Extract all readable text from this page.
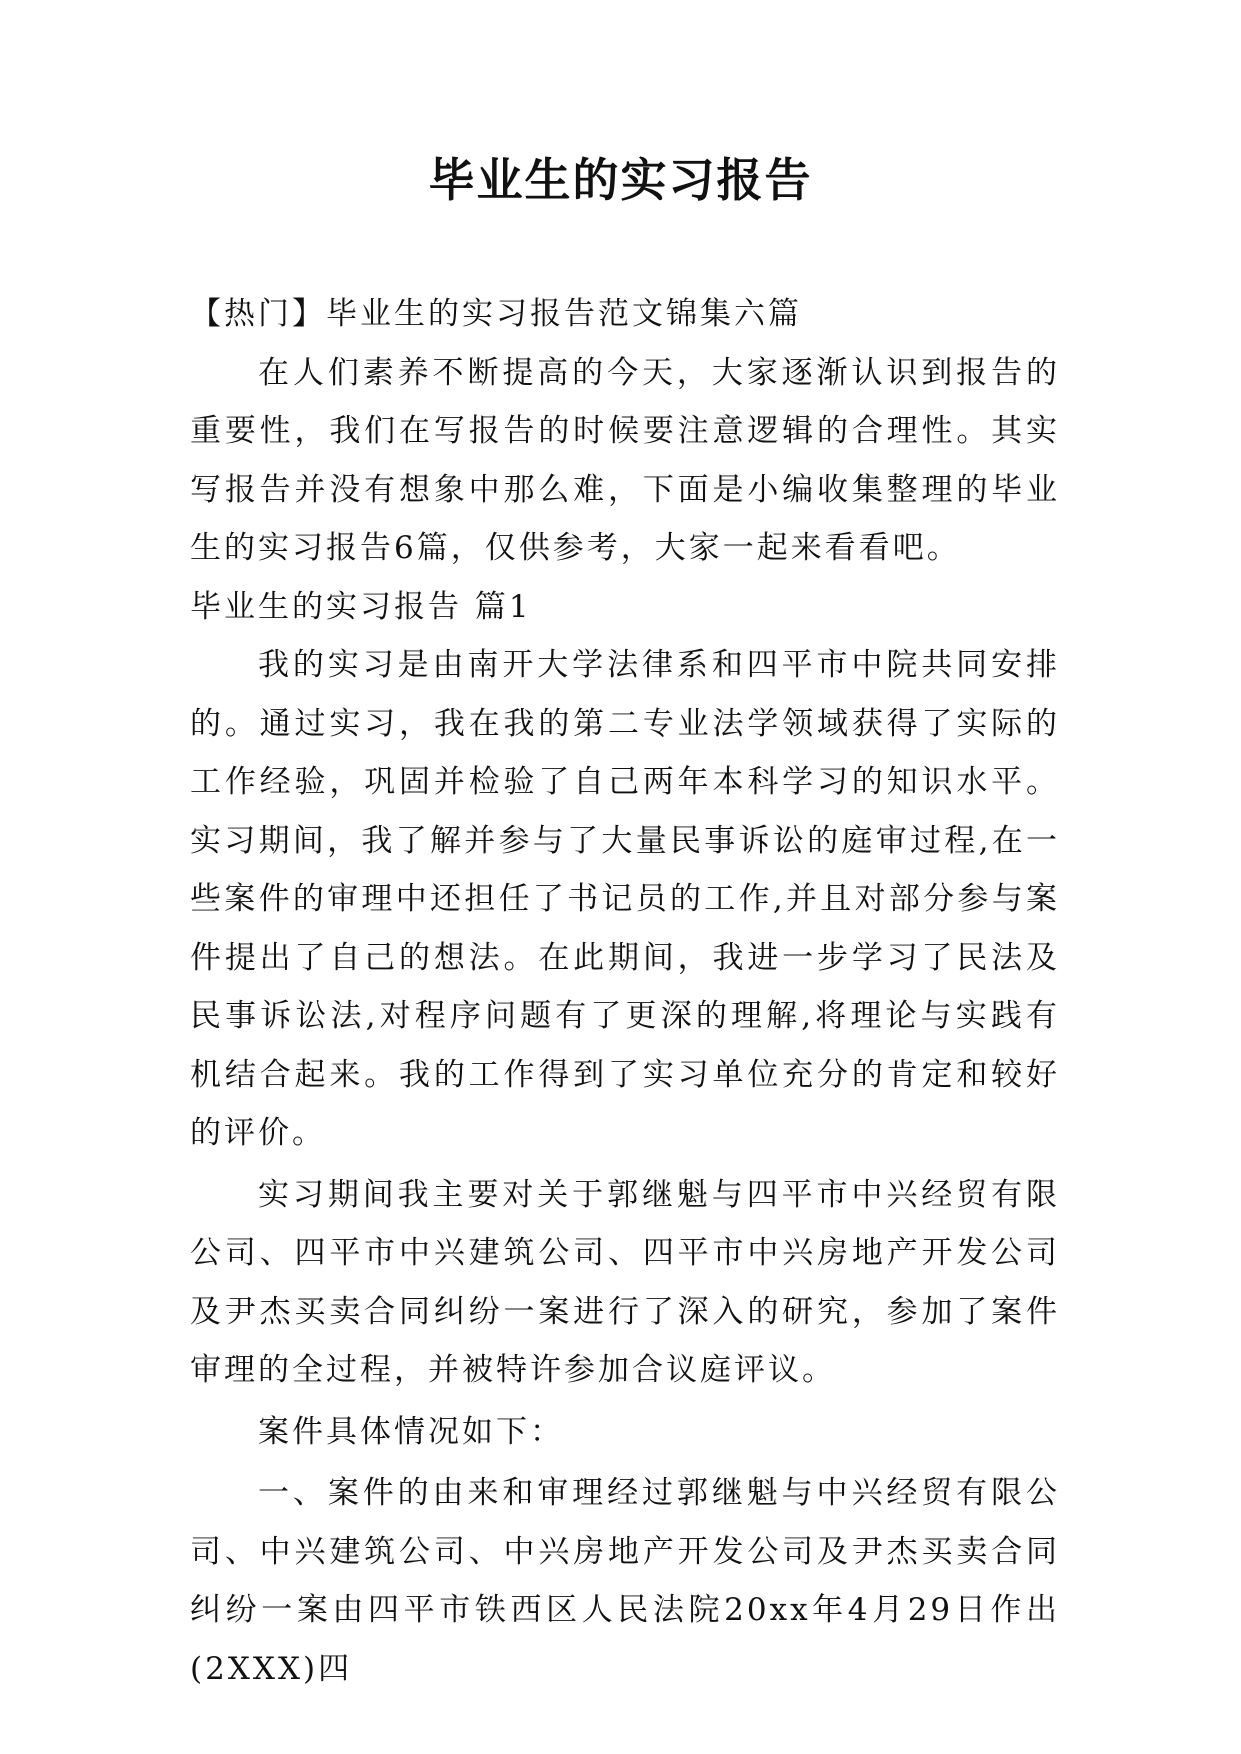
毕业生的实习报告

【热门】毕业生的实习报告范文锦集六篇

在人们素养不断提高的今天，大家逐渐认识到报告的重要性，我们在写报告的时候要注意逻辑的合理性。其实写报告并没有想象中那么难，下面是小编收集整理的毕业生的实习报告6篇，仅供参考，大家一起来看看吧。

毕业生的实习报告 篇1

我的实习是由南开大学法律系和四平市中院共同安排的。通过实习，我在我的第二专业法学领域获得了实际的工作经验，巩固并检验了自己两年本科学习的知识水平。实习期间，我了解并参与了大量民事诉讼的庭审过程,在一些案件的审理中还担任了书记员的工作,并且对部分参与案件提出了自己的想法。在此期间，我进一步学习了民法及民事诉讼法,对程序问题有了更深的理解,将理论与实践有机结合起来。我的工作得到了实习单位充分的肯定和较好的评价。

实习期间我主要对关于郭继魁与四平市中兴经贸有限公司、四平市中兴建筑公司、四平市中兴房地产开发公司及尹杰买卖合同纠纷一案进行了深入的研究，参加了案件审理的全过程，并被特许参加合议庭评议。

案件具体情况如下：

一、案件的由来和审理经过郭继魁与中兴经贸有限公司、中兴建筑公司、中兴房地产开发公司及尹杰买卖合同纠纷一案由四平市铁西区人民法院20xx年4月29日作出(2XXX)四
